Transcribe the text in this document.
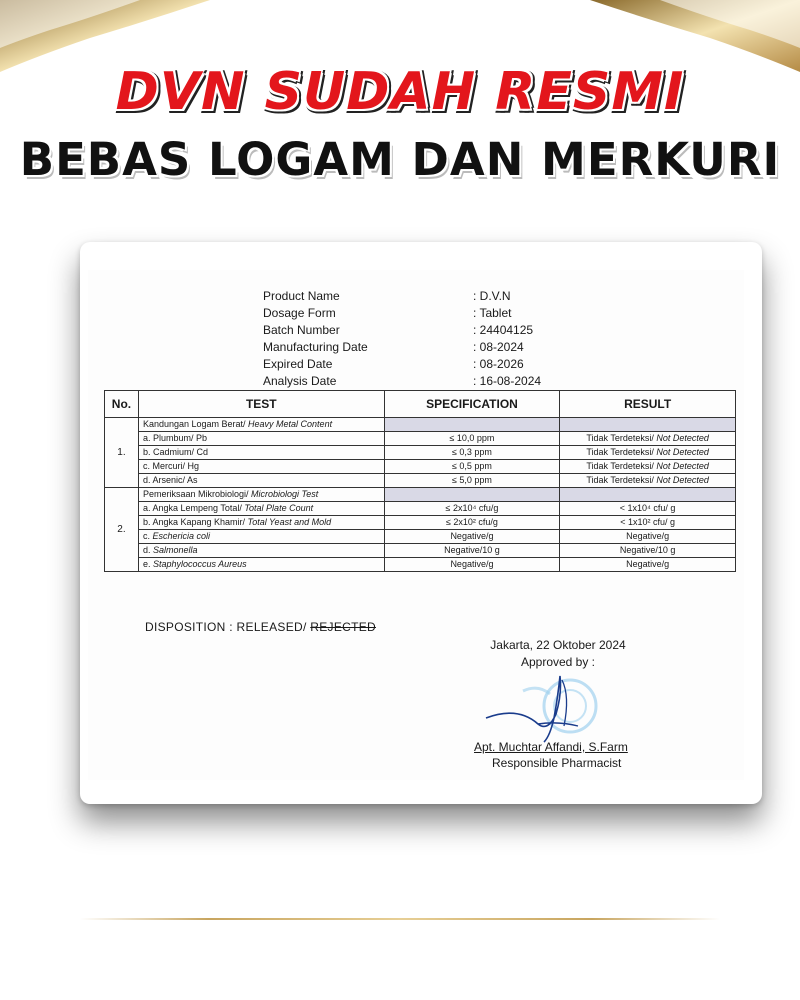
DVN SUDAH RESMI
BEBAS LOGAM DAN MERKURI
Product Name	: D.V.N
Dosage Form	: Tablet
Batch Number	: 24404125
Manufacturing Date	: 08-2024
Expired Date	: 08-2026
Analysis Date	: 16-08-2024
No.	TEST	SPECIFICATION	RESULT
1.	Kandungan Logam Berat/ Heavy Metal Content		
	a. Plumbum/ Pb	≤ 10,0 ppm	Tidak Terdeteksi/ Not Detected
	b. Cadmium/ Cd	≤ 0,3 ppm	Tidak Terdeteksi/ Not Detected
	c. Mercuri/ Hg	≤ 0,5 ppm	Tidak Terdeteksi/ Not Detected
	d. Arsenic/ As	≤ 5,0 ppm	Tidak Terdeteksi/ Not Detected
2.	Pemeriksaan Mikrobiologi/ Microbiologi Test		
	a. Angka Lempeng Total/ Total Plate Count	≤ 2x10⁴ cfu/g	< 1x10⁴ cfu/ g
	b. Angka Kapang Khamir/ Total Yeast and Mold	≤ 2x10² cfu/g	< 1x10² cfu/ g
	c. Eschericia coli	Negative/g	Negative/g
	d. Salmonella	Negative/10 g	Negative/10 g
	e. Staphylococcus Aureus	Negative/g	Negative/g
DISPOSITION : RELEASED/ REJECTED
Jakarta, 22 Oktober 2024
Approved by :
Apt. Muchtar Affandi, S.Farm
Responsible Pharmacist
